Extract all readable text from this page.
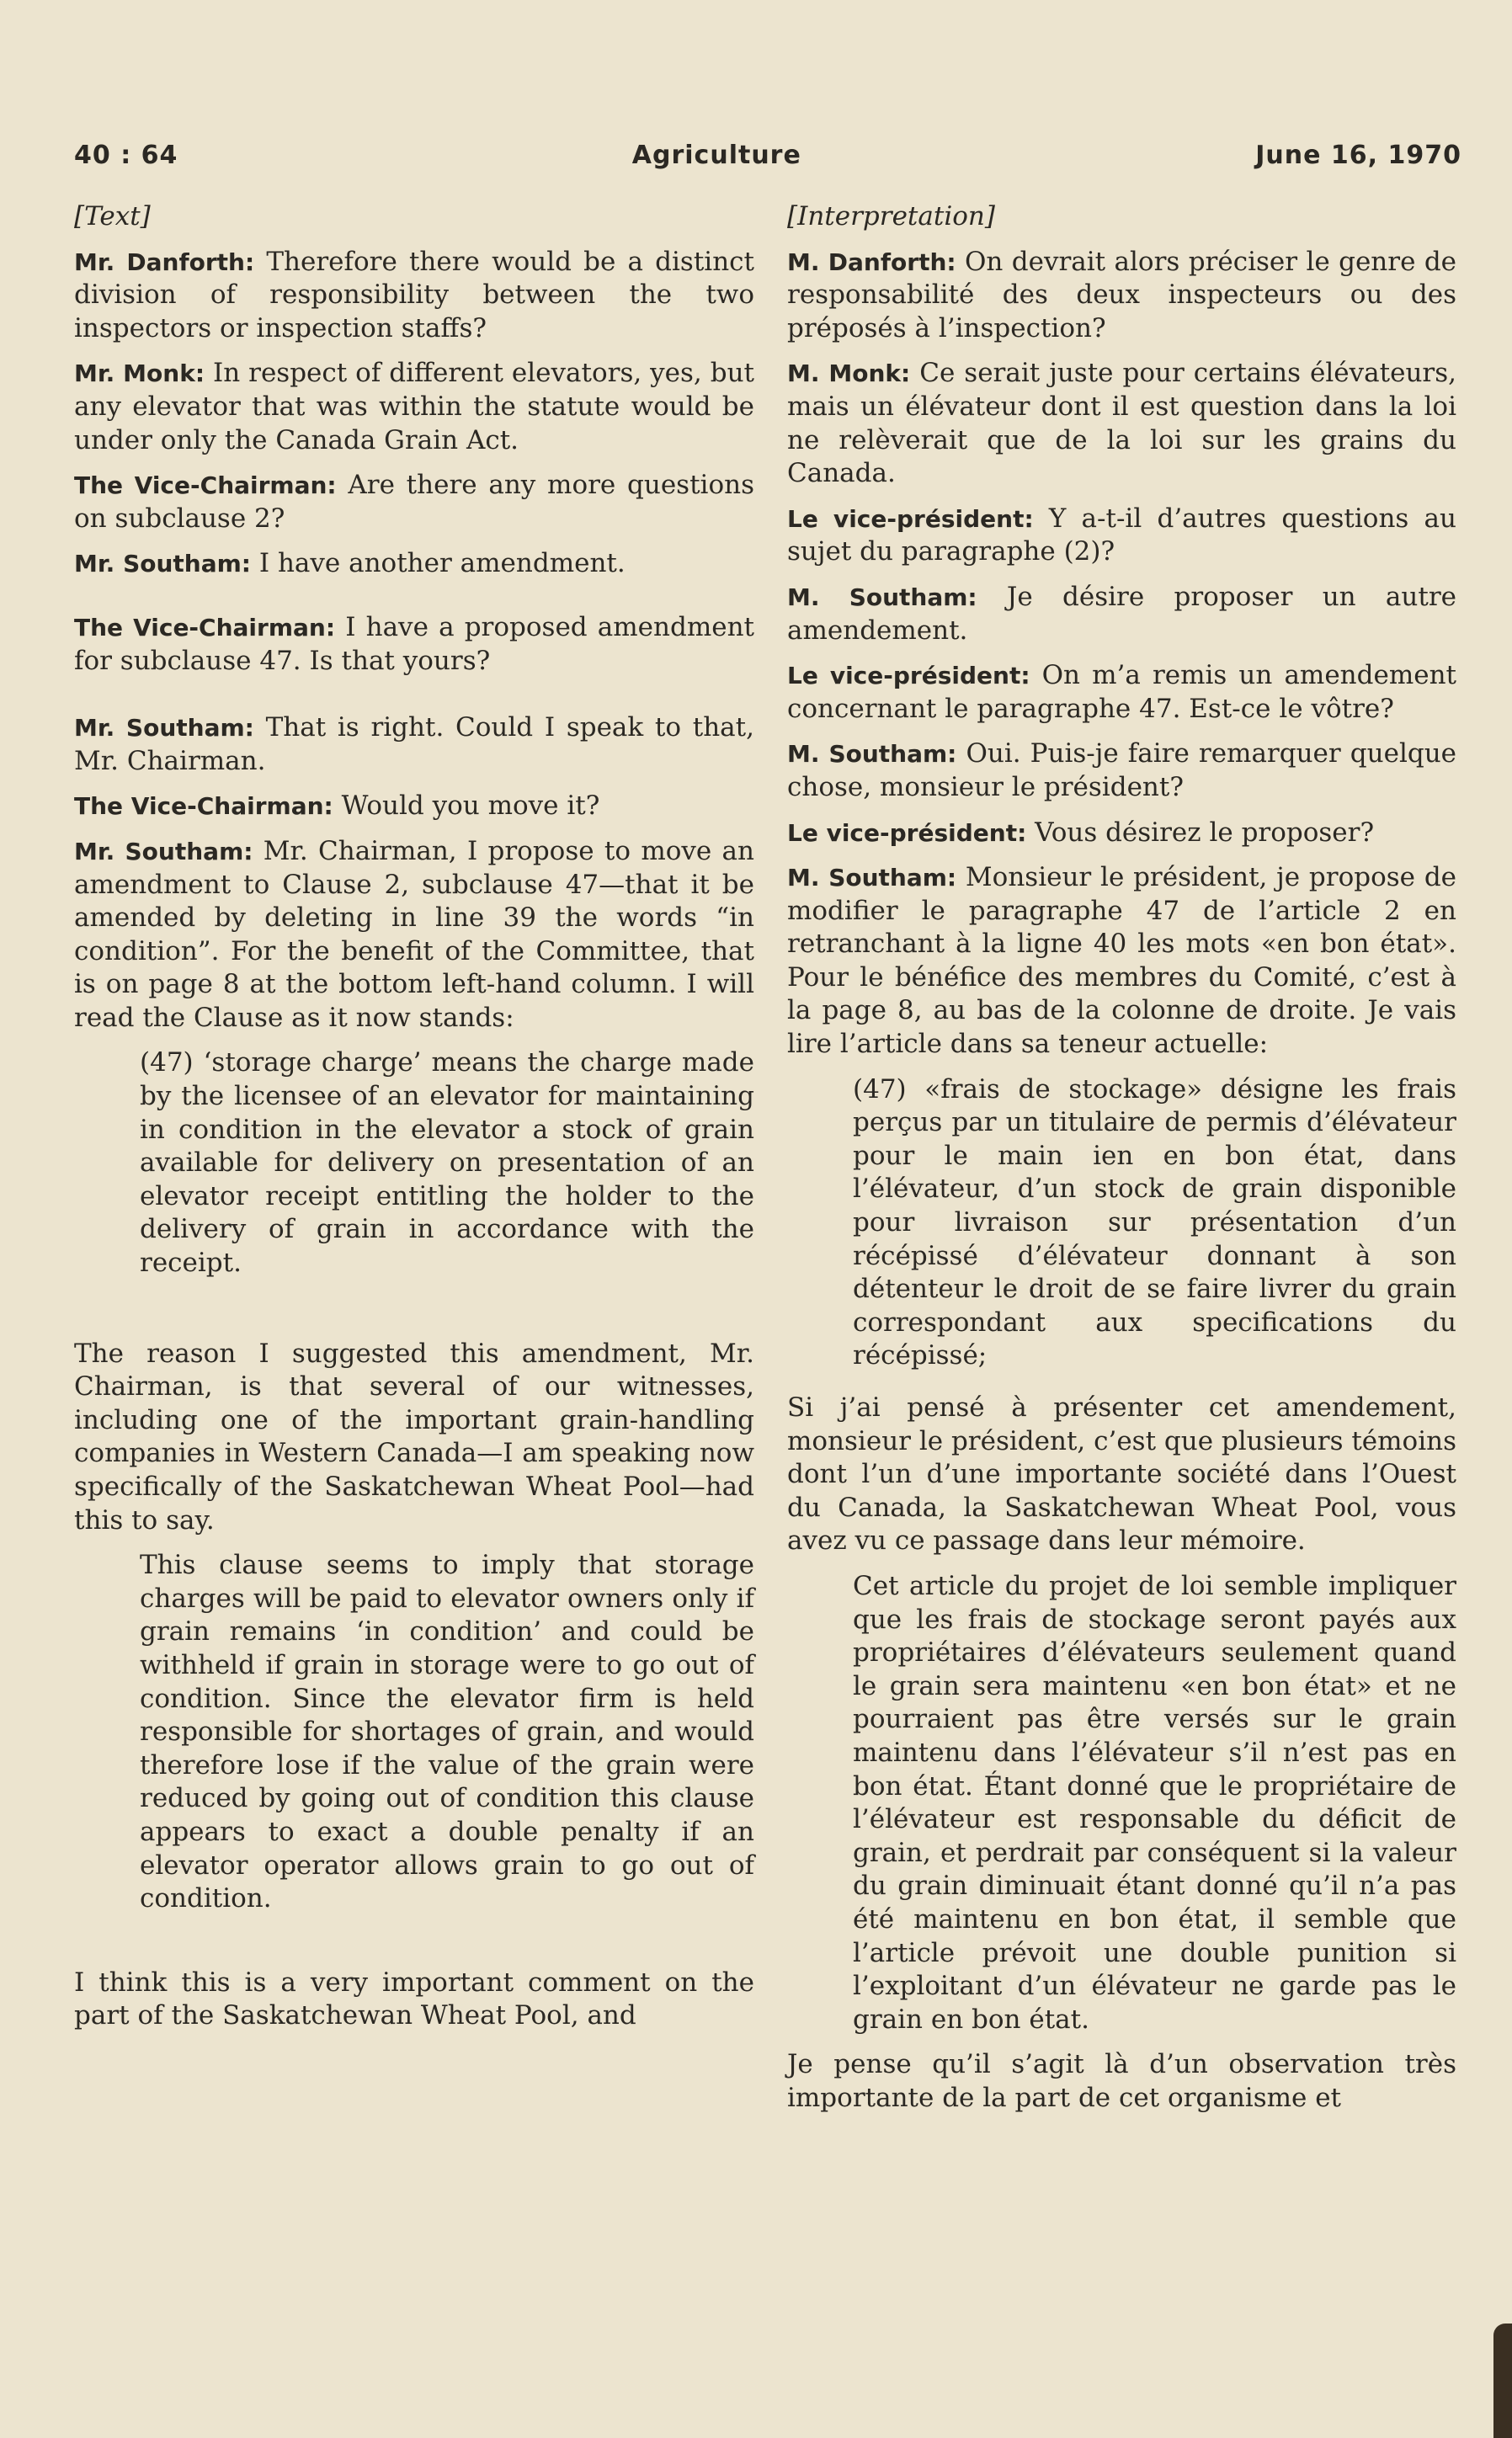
40 : 64	Agriculture	June 16, 1970
[Text]

Mr. Danforth: Therefore there would be a distinct division of responsibility between the two inspectors or inspection staffs?

Mr. Monk: In respect of different elevators, yes, but any elevator that was within the statute would be under only the Canada Grain Act.

The Vice-Chairman: Are there any more questions on subclause 2?

Mr. Southam: I have another amendment.

The Vice-Chairman: I have a proposed amendment for subclause 47. Is that yours?

Mr. Southam: That is right. Could I speak to that, Mr. Chairman.

The Vice-Chairman: Would you move it?

Mr. Southam: Mr. Chairman, I propose to move an amendment to Clause 2, subclause 47—that it be amended by deleting in line 39 the words “in condition”. For the benefit of the Committee, that is on page 8 at the bottom left-hand column. I will read the Clause as it now stands:

(47) ‘storage charge’ means the charge made by the licensee of an elevator for maintaining in condition in the elevator a stock of grain available for delivery on presentation of an elevator receipt entitling the holder to the delivery of grain in accordance with the receipt.

The reason I suggested this amendment, Mr. Chairman, is that several of our witnesses, including one of the important grain-handling companies in Western Canada—I am speaking now specifically of the Saskatchewan Wheat Pool—had this to say.

This clause seems to imply that storage charges will be paid to elevator owners only if grain remains ‘in condition’ and could be withheld if grain in storage were to go out of condition. Since the elevator firm is held responsible for shortages of grain, and would therefore lose if the value of the grain were reduced by going out of condition this clause appears to exact a double penalty if an elevator operator allows grain to go out of condition.

I think this is a very important comment on the part of the Saskatchewan Wheat Pool, and

[Interpretation]

M. Danforth: On devrait alors préciser le genre de responsabilité des deux inspecteurs ou des préposés à l’inspection?

M. Monk: Ce serait juste pour certains élévateurs, mais un élévateur dont il est question dans la loi ne relèverait que de la loi sur les grains du Canada.

Le vice-président: Y a-t-il d’autres questions au sujet du paragraphe (2)?

M. Southam: Je désire proposer un autre amendement.

Le vice-président: On m’a remis un amendement concernant le paragraphe 47. Est-ce le vôtre?

M. Southam: Oui. Puis-je faire remarquer quelque chose, monsieur le président?

Le vice-président: Vous désirez le proposer?

M. Southam: Monsieur le président, je propose de modifier le paragraphe 47 de l’article 2 en retranchant à la ligne 40 les mots «en bon état». Pour le bénéfice des membres du Comité, c’est à la page 8, au bas de la colonne de droite. Je vais lire l’article dans sa teneur actuelle:

(47) «frais de stockage» désigne les frais perçus par un titulaire de permis d’élévateur pour le main ien en bon état, dans l’élévateur, d’un stock de grain disponible pour livraison sur présentation d’un récépissé d’élévateur donnant à son détenteur le droit de se faire livrer du grain correspondant aux specifications du récépissé;

Si j’ai pensé à présenter cet amendement, monsieur le président, c’est que plusieurs témoins dont l’un d’une importante société dans l’Ouest du Canada, la Saskatchewan Wheat Pool, vous avez vu ce passage dans leur mémoire.

Cet article du projet de loi semble impliquer que les frais de stockage seront payés aux propriétaires d’élévateurs seulement quand le grain sera maintenu «en bon état» et ne pourraient pas être versés sur le grain maintenu dans l’élévateur s’il n’est pas en bon état. Étant donné que le propriétaire de l’élévateur est responsable du déficit de grain, et perdrait par conséquent si la valeur du grain diminuait étant donné qu’il n’a pas été maintenu en bon état, il semble que l’article prévoit une double punition si l’exploitant d’un élévateur ne garde pas le grain en bon état.

Je pense qu’il s’agit là d’un observation très importante de la part de cet organisme et
